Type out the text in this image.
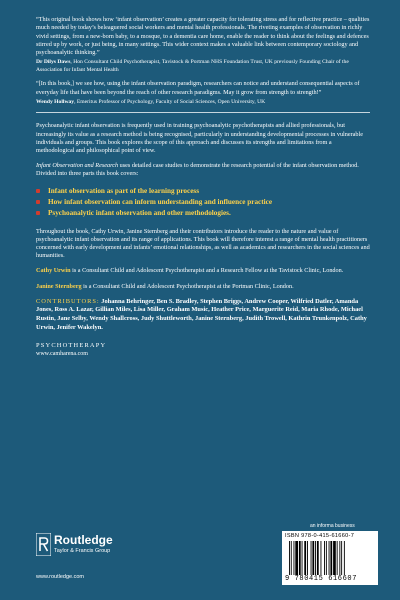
“This original book shows how ‘infant observation’ creates a greater capacity for tolerating stress and for reflective practice – qualities much needed by today’s beleaguered social workers and mental health professionals. The riveting examples of observation in richly vivid settings, from a new-born baby, to a mosque, to a dementia care home, enable the reader to think about the feelings and defences stirred up by work, or just being, in many settings. This wider context makes a valuable link between contemporary sociology and psychoanalytic thinking.”

Dr Dilys Daws, Hon Consultant Child Psychotherapist, Tavistock & Portman NHS Foundation Trust, UK previously Founding Chair of the Association for Infant Mental Health

“[In this book,] we see how, using the infant observation paradigm, researchers can notice and understand consequential aspects of everyday life that have been beyond the reach of other research paradigms. May it grow from strength to strength!”

Wendy Hollway, Emeritus Professor of Psychology, Faculty of Social Sciences, Open University, UK

Psychoanalytic infant observation is frequently used in training psychoanalytic psychotherapists and allied professionals, but increasingly its value as a research method is being recognised, particularly in understanding developmental processes in vulnerable individuals and groups. This book explores the scope of this approach and discusses its strengths and limitations from a methodological and philosophical point of view.

Infant Observation and Research uses detailed case studies to demonstrate the research potential of the infant observation method. Divided into three parts this book covers:

Infant observation as part of the learning process
How infant observation can inform understanding and influence practice
Psychoanalytic infant observation and other methodologies.

Throughout the book, Cathy Urwin, Janine Sternberg and their contributors introduce the reader to the nature and value of psychoanalytic infant observation and its range of applications. This book will therefore interest a range of mental health practitioners concerned with early development and infants’ emotional relationships, as well as academics and researchers in the social sciences and humanities.

Cathy Urwin is a Consultant Child and Adolescent Psychotherapist and a Research Fellow at the Tavistock Clinic, London.

Janine Sternberg is a Consultant Child and Adolescent Psychotherapist at the Portman Clinic, London.

CONTRIBUTORS: Johanna Behringer, Ben S. Bradley, Stephen Briggs, Andrew Cooper, Wilfried Datler, Amanda Jones, Ross A. Lazar, Gillian Miles, Lisa Miller, Graham Music, Heather Price, Marguerite Reid, Maria Rhode, Michael Rustin, Jane Selby, Wendy Shallcross, Judy Shuttleworth, Janine Sternberg, Judith Trowell, Kathrin Trunkenpolz, Cathy Urwin, Jenifer Wakelyn.

PSYCHOTHERAPY
www.camharena.com
Routledge
Taylor & Francis Group
www.routledge.com
an informa business
ISBN 978-0-415-61660-7
9 780415 616607
